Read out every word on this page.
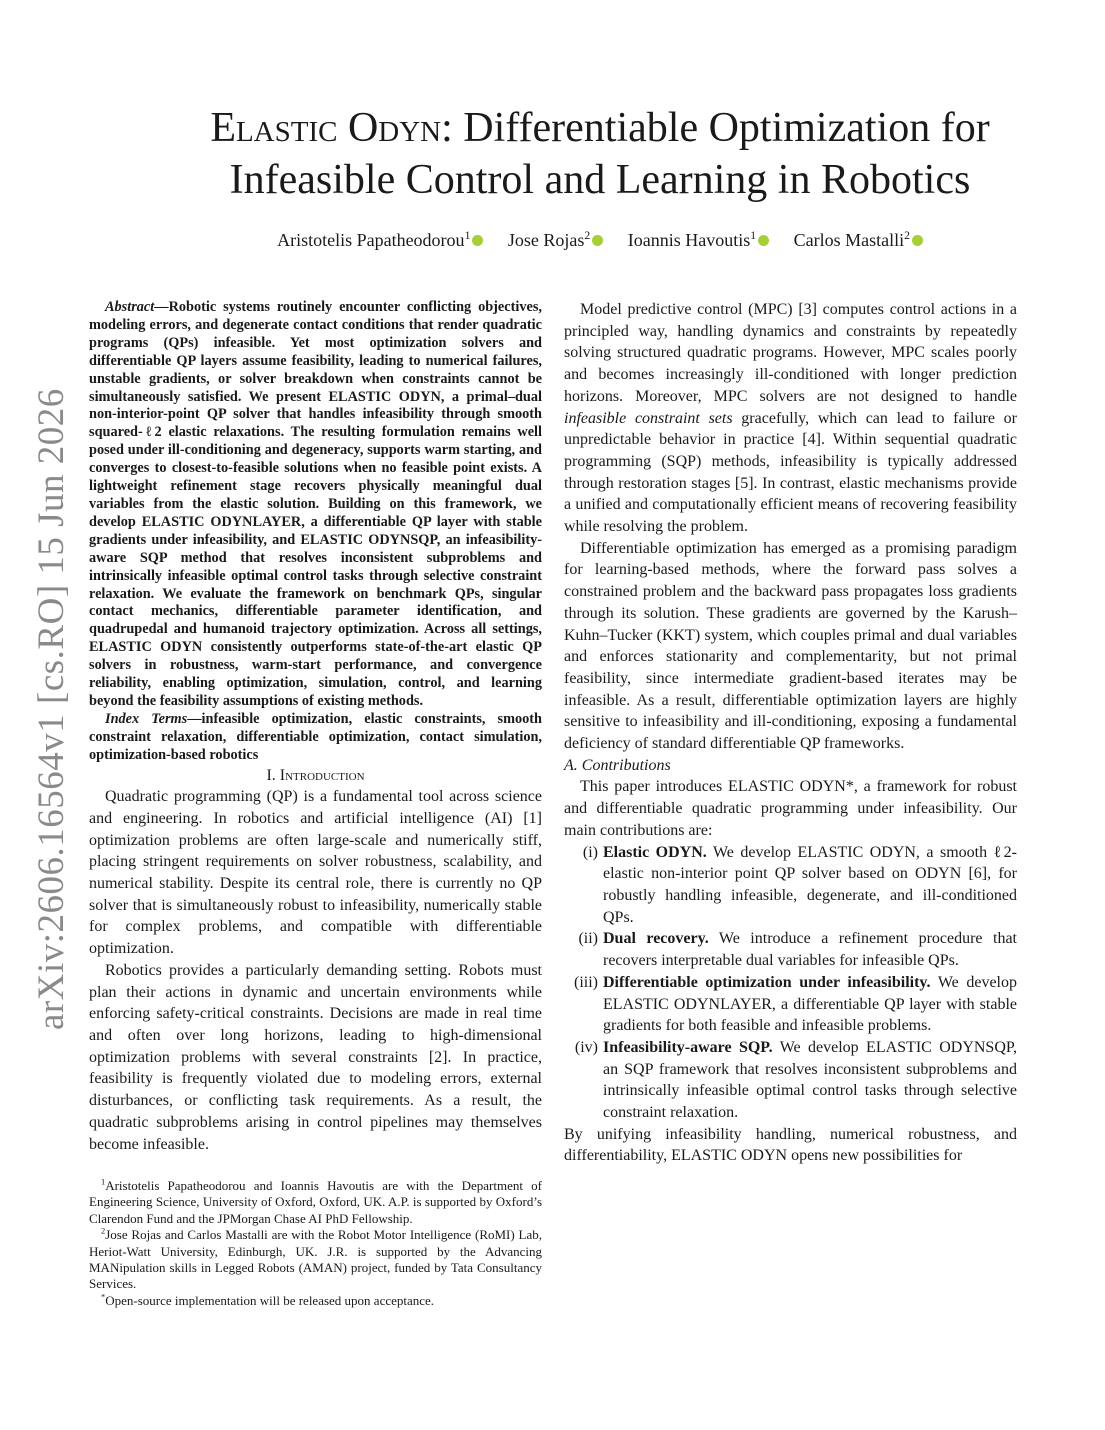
arXiv:2606.16564v1 [cs.RO] 15 Jun 2026
Elastic Odyn: Differentiable Optimization for
Infeasible Control and Learning in Robotics
Aristotelis Papatheodorou$^1$ Jose Rojas$^2$ Ioannis Havoutis$^1$ Carlos Mastalli$^2$

Abstract—Robotic systems routinely encounter conflicting objectives, modeling errors, and degenerate contact conditions that render quadratic programs (QPs) infeasible. Yet most optimization solvers and differentiable QP layers assume feasibility, leading to numerical failures, unstable gradients, or solver breakdown when constraints cannot be simultaneously satisfied. We present ELASTIC ODYN, a primal–dual non-interior-point QP solver that handles infeasibility through smooth squared-ℓ2 elastic relaxations. The resulting formulation remains well posed under ill-conditioning and degeneracy, supports warm starting, and converges to closest-to-feasible solutions when no feasible point exists. A lightweight refinement stage recovers physically meaningful dual variables from the elastic solution. Building on this framework, we develop ELASTIC ODYNLAYER, a differentiable QP layer with stable gradients under infeasibility, and ELASTIC ODYNSQP, an infeasibility-aware SQP method that resolves inconsistent subproblems and intrinsically infeasible optimal control tasks through selective constraint relaxation. We evaluate the framework on benchmark QPs, singular contact mechanics, differentiable parameter identification, and quadrupedal and humanoid trajectory optimization. Across all settings, ELASTIC ODYN consistently outperforms state-of-the-art elastic QP solvers in robustness, warm-start performance, and convergence reliability, enabling optimization, simulation, control, and learning beyond the feasibility assumptions of existing methods.

Index Terms—infeasible optimization, elastic constraints, smooth constraint relaxation, differentiable optimization, contact simulation, optimization-based robotics

I. Introduction

Quadratic programming (QP) is a fundamental tool across science and engineering. In robotics and artificial intelligence (AI) [1] optimization problems are often large-scale and numerically stiff, placing stringent requirements on solver robustness, scalability, and numerical stability. Despite its central role, there is currently no QP solver that is simultaneously robust to infeasibility, numerically stable for complex problems, and compatible with differentiable optimization.

Robotics provides a particularly demanding setting. Robots must plan their actions in dynamic and uncertain environments while enforcing safety-critical constraints. Decisions are made in real time and often over long horizons, leading to high-dimensional optimization problems with several constraints [2]. In practice, feasibility is frequently violated due to modeling errors, external disturbances, or conflicting task requirements. As a result, the quadratic subproblems arising in control pipelines may themselves become infeasible.

$^1$Aristotelis Papatheodorou and Ioannis Havoutis are with the Department of Engineering Science, University of Oxford, Oxford, UK. A.P. is supported by Oxford’s Clarendon Fund and the JPMorgan Chase AI PhD Fellowship.

$^2$Jose Rojas and Carlos Mastalli are with the Robot Motor Intelligence (RoMI) Lab, Heriot-Watt University, Edinburgh, UK. J.R. is supported by the Advancing MANipulation skills in Legged Robots (AMAN) project, funded by Tata Consultancy Services.

*Open-source implementation will be released upon acceptance.

Model predictive control (MPC) [3] computes control actions in a principled way, handling dynamics and constraints by repeatedly solving structured quadratic programs. However, MPC scales poorly and becomes increasingly ill-conditioned with longer prediction horizons. Moreover, MPC solvers are not designed to handle infeasible constraint sets gracefully, which can lead to failure or unpredictable behavior in practice [4]. Within sequential quadratic programming (SQP) methods, infeasibility is typically addressed through restoration stages [5]. In contrast, elastic mechanisms provide a unified and computationally efficient means of recovering feasibility while resolving the problem.

Differentiable optimization has emerged as a promising paradigm for learning-based methods, where the forward pass solves a constrained problem and the backward pass propagates loss gradients through its solution. These gradients are governed by the Karush–Kuhn–Tucker (KKT) system, which couples primal and dual variables and enforces stationarity and complementarity, but not primal feasibility, since intermediate gradient-based iterates may be infeasible. As a result, differentiable optimization layers are highly sensitive to infeasibility and ill-conditioning, exposing a fundamental deficiency of standard differentiable QP frameworks.

A. Contributions

This paper introduces ELASTIC ODYN*, a framework for robust and differentiable quadratic programming under infeasibility. Our main contributions are:

(i) Elastic ODYN. We develop ELASTIC ODYN, a smooth ℓ2-elastic non-interior point QP solver based on ODYN [6], for robustly handling infeasible, degenerate, and ill-conditioned QPs.
(ii) Dual recovery. We introduce a refinement procedure that recovers interpretable dual variables for infeasible QPs.
(iii) Differentiable optimization under infeasibility. We develop ELASTIC ODYNLAYER, a differentiable QP layer with stable gradients for both feasible and infeasible problems.
(iv) Infeasibility-aware SQP. We develop ELASTIC ODYNSQP, an SQP framework that resolves inconsistent subproblems and intrinsically infeasible optimal control tasks through selective constraint relaxation.

By unifying infeasibility handling, numerical robustness, and differentiability, ELASTIC ODYN opens new possibilities for
